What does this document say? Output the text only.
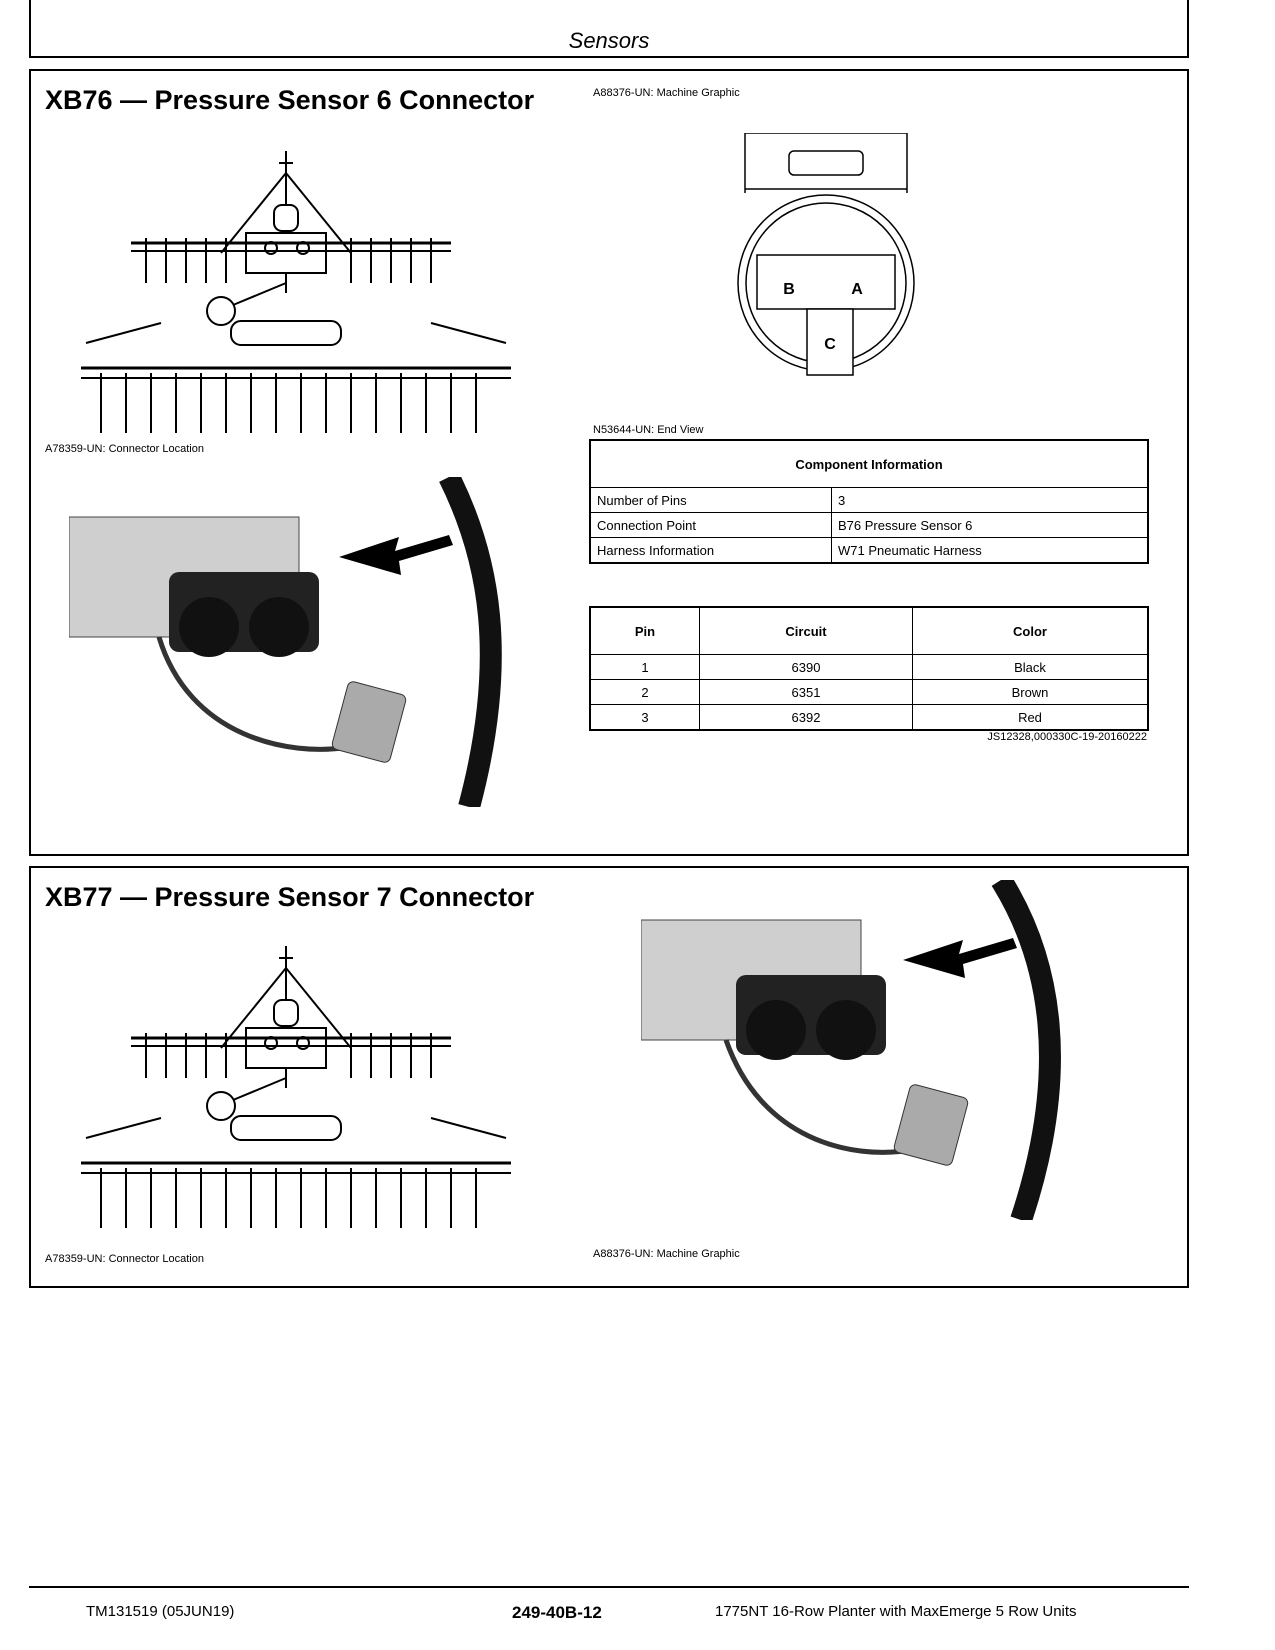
Sensors
XB76 — Pressure Sensor 6 Connector
A78359-UN: Connector Location
A88376-UN: Machine Graphic
B	A
C
N53644-UN: End View
Component Information	
Number of Pins	3
Connection Point	B76 Pressure Sensor 6
Harness Information	W71 Pneumatic Harness
Pin	Circuit	Color
1	6390	Black
2	6351	Brown
3	6392	Red
JS12328,000330C-19-20160222
XB77 — Pressure Sensor 7 Connector
A78359-UN: Connector Location	A88376-UN: Machine Graphic
TM131519 (05JUN19)	249-40B-12	1775NT 16-Row Planter with MaxEmerge 5 Row Units
